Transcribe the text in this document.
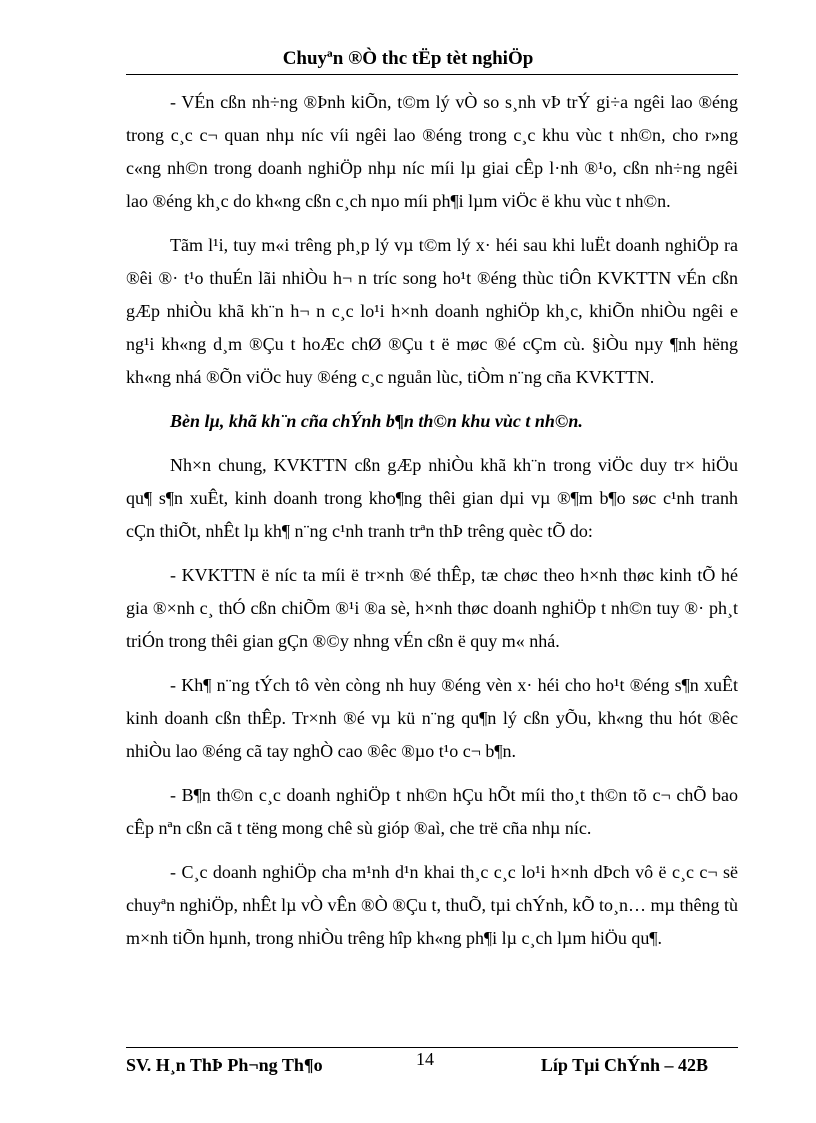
Chuyªn ®Ò thc tËp tèt nghiÖp

- VÉn cßn nh÷ng ®Þnh kiÕn, t©m lý vÒ so s¸nh vÞ trÝ gi÷a ngêi lao ®éng trong c¸c c¬ quan nhµ níc víi ngêi lao ®éng trong c¸c khu vùc t nh©n, cho r»ng c«ng nh©n trong doanh nghiÖp nhµ níc míi lµ giai cÊp l·nh ®¹o, cßn nh÷ng ngêi lao ®éng kh¸c do kh«ng cßn c¸ch nµo míi ph¶i lµm viÖc ë khu vùc t nh©n.

Tãm l¹i, tuy m«i trêng ph¸p lý vµ t©m lý x· héi sau khi luËt doanh nghiÖp ra ®êi ®· t¹o thuÉn lãi nhiÒu h¬ n tríc song ho¹t ®éng thùc tiÔn KVKTTN vÉn cßn gÆp nhiÒu khã kh¨n h¬ n c¸c lo¹i h×nh doanh nghiÖp kh¸c, khiÕn nhiÒu ngêi e ng¹i kh«ng d¸m ®Çu t hoÆc chØ ®Çu t ë møc ®é cÇm cù. §iÒu nµy ¶nh hëng kh«ng nhá ®Õn viÖc huy ®éng c¸c nguån lùc, tiÒm n¨ng cña KVKTTN.

Bèn lµ, khã kh¨n cña chÝnh b¶n th©n khu vùc t nh©n.

Nh×n chung, KVKTTN cßn gÆp nhiÒu khã kh¨n trong viÖc duy tr× hiÖu qu¶ s¶n xuÊt, kinh doanh trong kho¶ng thêi gian dµi vµ ®¶m b¶o søc c¹nh tranh cÇn thiÕt, nhÊt lµ kh¶ n¨ng c¹nh tranh trªn thÞ trêng quèc tÕ do:

- KVKTTN ë níc ta míi ë tr×nh ®é thÊp, tæ chøc theo h×nh thøc kinh tÕ hé gia ®×nh c¸ thÓ cßn chiÕm ®¹i ®a sè, h×nh thøc doanh nghiÖp t nh©n tuy ®· ph¸t triÓn trong thêi gian gÇn ®©y nhng vÉn cßn ë quy m« nhá.

- Kh¶ n¨ng tÝch tô vèn còng nh huy ®éng vèn x· héi cho ho¹t ®éng s¶n xuÊt kinh doanh cßn thÊp. Tr×nh ®é vµ kü n¨ng qu¶n lý cßn yÕu, kh«ng thu hót ®êc nhiÒu lao ®éng cã tay nghÒ cao ®êc ®µo t¹o c¬ b¶n.

- B¶n th©n c¸c doanh nghiÖp t nh©n hÇu hÕt míi tho¸t th©n tõ c¬ chÕ bao cÊp nªn cßn cã t tëng mong chê sù gióp ®aì, che trë cña nhµ níc.

- C¸c doanh nghiÖp cha m¹nh d¹n khai th¸c c¸c lo¹i h×nh dÞch vô ë c¸c c¬ së chuyªn nghiÖp, nhÊt lµ vÒ vÊn ®Ò ®Çu t, thuÕ, tµi chÝnh, kÕ to¸n… mµ thêng tù m×nh tiÕn hµnh, trong nhiÒu trêng hîp kh«ng ph¶i lµ c¸ch lµm hiÖu qu¶.

SV. H¸n ThÞ Ph¬ng Th¶o	14	Líp Tµi ChÝnh – 42B
